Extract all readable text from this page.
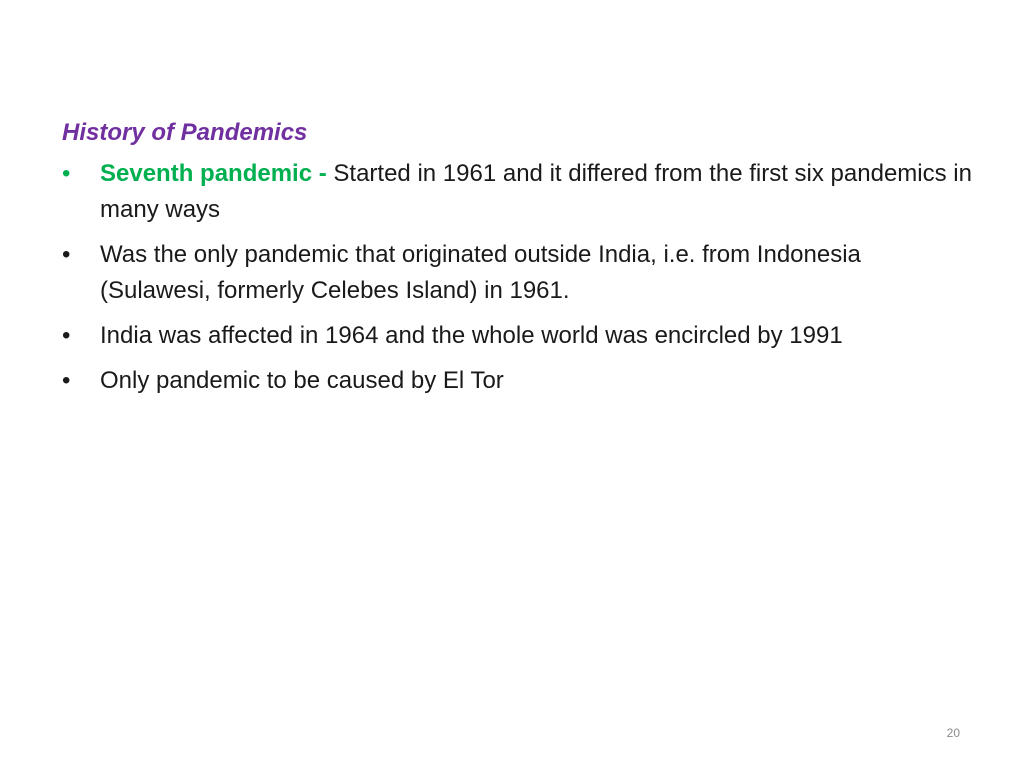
History of Pandemics
•	Seventh pandemic - Started in 1961 and it differed from the first six pandemics in many ways
•	Was the only pandemic that originated outside India, i.e. from Indonesia (Sulawesi, formerly Celebes Island) in 1961.
•	India was affected in 1964 and the whole world was encircled by 1991
•	Only pandemic to be caused by El Tor
20
